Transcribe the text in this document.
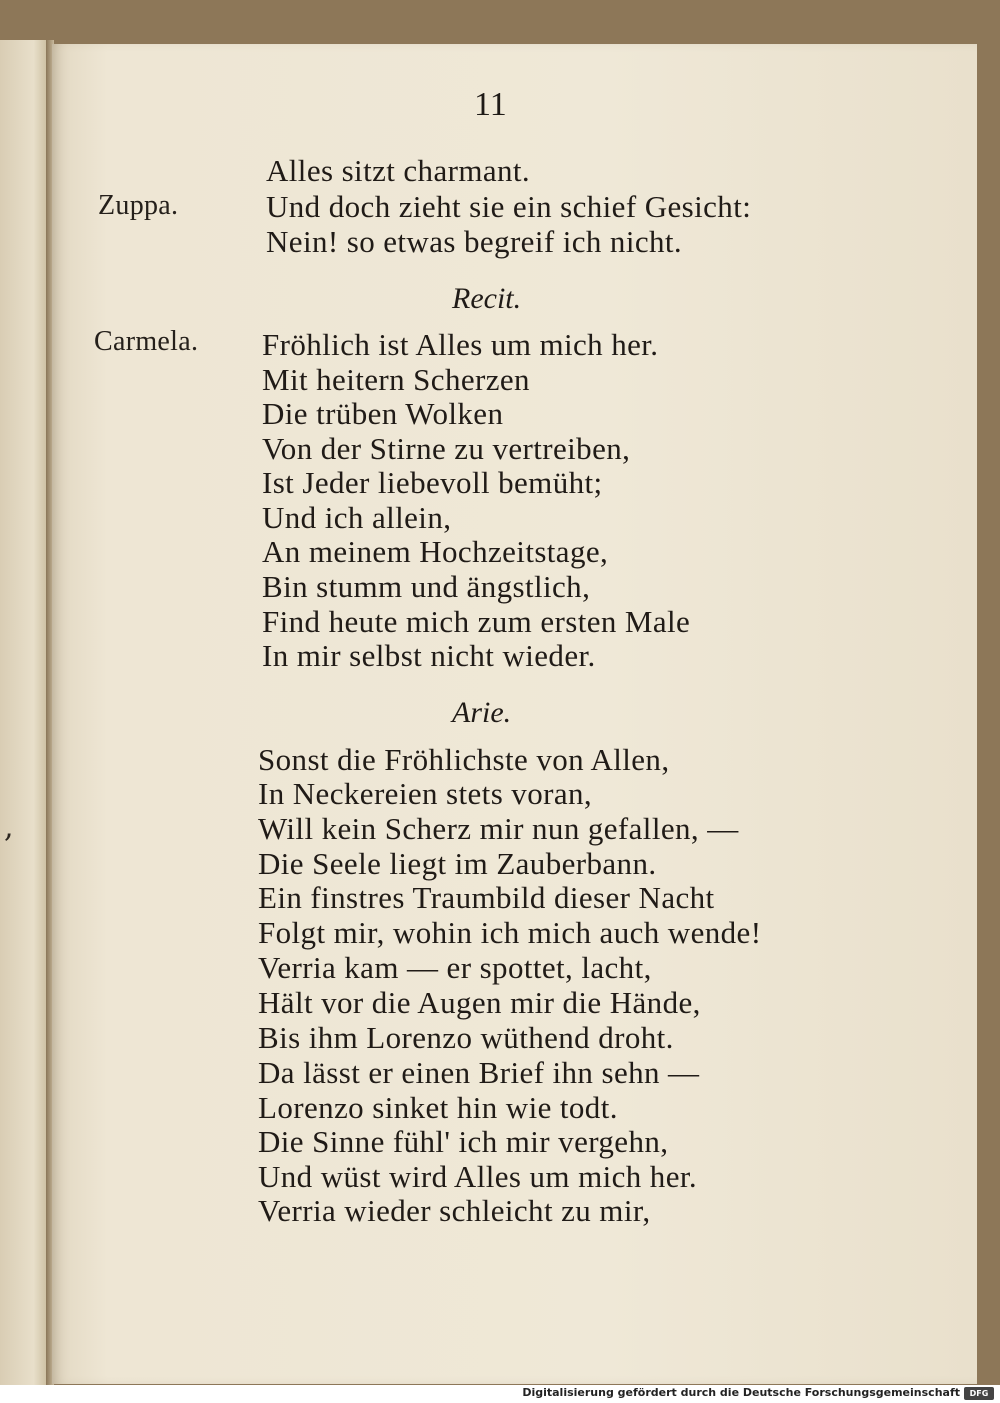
,
11
Zuppa.
Carmela.
Alles sitzt charmant.
Und doch zieht sie ein schief Gesicht:
Nein! so etwas begreif ich nicht.
Recit.
Fröhlich ist Alles um mich her.
Mit heitern Scherzen
Die trüben Wolken
Von der Stirne zu vertreiben,
Ist Jeder liebevoll bemüht;
Und ich allein,
An meinem Hochzeitstage,
Bin stumm und ängstlich,
Find heute mich zum ersten Male
In mir selbst nicht wieder.
Arie.
Sonst die Fröhlichste von Allen,
In Neckereien stets voran,
Will kein Scherz mir nun gefallen, —
Die Seele liegt im Zauberbann.
Ein finstres Traumbild dieser Nacht
Folgt mir, wohin ich mich auch wende!
Verria kam — er spottet, lacht,
Hält vor die Augen mir die Hände,
Bis ihm Lorenzo wüthend droht.
Da lässt er einen Brief ihn sehn —
Lorenzo sinket hin wie todt.
Die Sinne fühl' ich mir vergehn,
Und wüst wird Alles um mich her.
Verria wieder schleicht zu mir,
Digitalisierung gefördert durch die Deutsche Forschungsgemeinschaft	DFG
